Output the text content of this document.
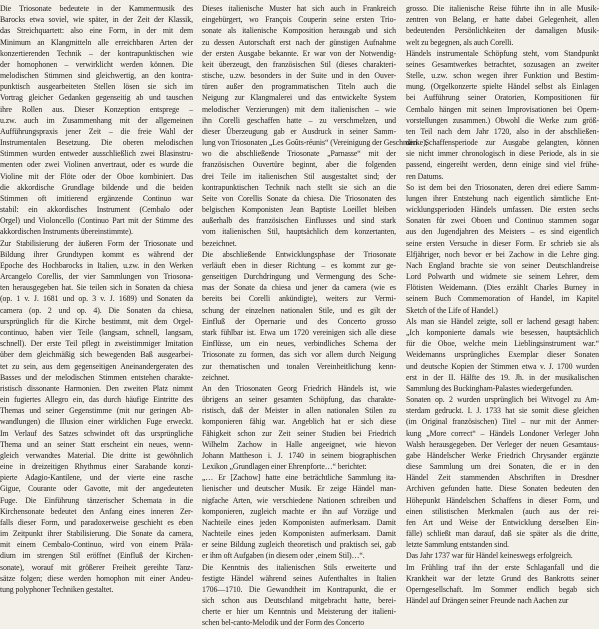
Die Triosonate bedeutete in der Kammermusik des
Barocks etwa soviel, wie später, in der Zeit der Klassik,
das Streichquartett: also eine Form, in der mit dem
Minimum an Klangmitteln alle erreichbaren Arten der
konzertierenden Technik – der kontrapunktischen wie
der homophonen – verwirklicht werden können. Die
melodischen Stimmen sind gleichwertig, an den kontra-
punktisch ausgearbeiteten Stellen lösen sie sich im
Vortrag gleicher Gedanken gegenseitig ab und tauschen
ihre Rollen aus. Dieser Konzeption entsprege –
u.zw. auch im Zusammenhang mit der allgemeinen
Aufführungspraxis jener Zeit – die freie Wahl der
Instrumentalen Besetzung. Die oberen melodischen
Stimmen wurden entweder ausschließlich zwei Blasinstru-
menten oder zwei Violinen anvertraut, oder es wurde die
Violine mit der Flöte oder der Oboe kombiniert. Das
die akkordische Grundlage bildende und die beiden
Stimmen oft imitierend ergänzende Continuo war
stabil: ein akkordisches Instrument (Cembalo oder
Orgel) und Violoncello (Continuo Part mit der Stimme des
akkordischen Instruments übereinstimmte).
Zur Stabilisierung der äußeren Form der Triosonate und
Bildung ihrer Grundtypen kommt es während der
Epoche des Hochbarocks in Italien, u.zw. in den Werken
Arcangelo Corellis, der vier Sammlungen von Triosona-
ten herausgegeben hat. Sie teilen sich in Sonaten da chiesa
(op. 1 v. J. 1681 und op. 3 v. J. 1689) und Sonaten da
camera (op. 2 und op. 4). Die Sonaten da chiesa,
ursprünglich für die Kirche bestimmt, mit dem Orgel-
continuo, haben vier Teile (langsam, schnell, langsam,
schnell). Der erste Teil pflegt in zweistimmiger Imitation
über dem gleichmäßig sich bewegenden Baß ausgearbei-
tet zu sein, aus dem gegenseitigen Aneinandergeraten des
Basses und der melodischen Stimmen entstehen charakte-
ristisch dissonante Harmonien. Den zweiten Platz nimmt
ein fugiertes Allegro ein, das durch häufige Eintritte des
Themas und seiner Gegenstimme (mit nur geringen Ab-
wandlungen) die Illusion einer wirklichen Fuge erweckt.
Im Verlauf des Satzes schwindet oft das ursprüngliche
Thema und an seiner Statt erscheint ein neues, wenn-
gleich verwandtes Material. Die dritte ist gewöhnlich
eine in dreizeitigen Rhythmus einer Sarabande konzi-
pierte Adagio-Kantilene, und der vierte eine rasche
Gigue, Courante oder Gavotte, mit der angedeuteten
Fuge. Die Einführung tänzerischer Schemata in die
Kirchensonate bedeutet den Anfang eines inneren Zer-
falls dieser Form, und paradoxerweise geschieht es eben
im Zeitpunkt ihrer Stabilisierung. Die Sonate da camera,
mit einem Cembalo-Continuo, wird von einem Präla-
dium im strengen Stil eröffnet (Einfluß der Kirchen-
sonate), worauf mit größerer Freiheit gereihte Tanz-
sätze folgen; diese werden homophon mit einer Andeu-
tung polyphoner Techniken gestaltet.
Dieses italienische Muster hat sich auch in Frankreich
eingebürgert, wo François Couperin seine ersten Trio-
sonate als italienische Komposition herausgab und sich
zu dessen Autorschaft erst nach der günstigen Aufnahme
der ersten Ausgabe bekannte. Er war von der Notwendig-
keit überzeugt, den französischen Stil (dieses charakteri-
stische, u.zw. besonders in der Suite und in den Ouver-
türen außer den programmatischen Titeln auch die
Neigung zur Klangmalerei und das entwickelte System
melodischer Verzierungen) mit dem italienischen – wie
ihn Corelli geschaffen hatte – zu verschmelzen, und
dieser Überzeugung gab er Ausdruck in seiner Samm-
lung von Triosonaten „Les Goûts-réunis“ (Vereinigung der Geschmäcke),
wo die abschließende Triosonate „Parnasse“ mit der
französischen Ouvertüre beginnt, aber die folgenden
drei Teile im italienischen Stil ausgestaltet sind; der
kontrapunktischen Technik nach stellt sie sich an die
Seite von Corellis Sonate da chiesa. Die Triosonaten des
belgischen Komponisten Jean Baptiste Loeillet bleiben
außerhalb des französischen Einflusses und sind stark
vom italienischen Stil, hauptsächlich dem konzertanten,
bezeichnet.
Die abschließende Entwicklungsphase der Triosonate
verläuft eben in dieser Richtung – es kommt zur ge-
genseitigen Durchdringung und Vermengung des Sche-
mas der Sonate da chiesa und jener da camera (wie es
bereits bei Corelli ankündigte), weiters zur Vermi-
schung der einzelnen nationalen Stile, und es gilt der
Einfluß der Opernarie und des Concerto grosso
stark fühlbar ist. Etwa um 1720 vereinigen sich alle diese
Einflüsse, um ein neues, verbindliches Schema der
Triosonate zu formen, das sich vor allem durch Neigung
zur thematischen und tonalen Vereinheitlichung kenn-
zeichnet.
An den Triosonaten Georg Friedrich Händels ist, wie
übrigens an seiner gesamten Schöpfung, das charakte-
ristisch, daß der Meister in allen nationalen Stilen zu
komponieren fähig war. Angeblich hat er sich diese
Fähigkeit schon zur Zeit seiner Studien bei Friedrich
Wilhelm Zachow in Halle angeeignet, wie hievon
Johann Mattheson i. J. 1740 in seinem biographischen
Lexikon „Grundlagen einer Ehrenpforte…“ berichtet:
„… Er [Zachow] hatte eine beträchtliche Sammlung ita-
lienischer und deutscher Musik. Er zeige Händel man-
nigfache Arten, wie verschiedene Nationen schreiben und
komponieren, zugleich machte er ihn auf Vorzüge und
Nachteile eines jeden Komponisten aufmerksam. Damit
Nachteile eines jeden Komponisten aufmerksam. Damit
er seine Bildung zugleich theoretisch und praktisch sei, gab
er ihm oft Aufgaben (in diesem oder ‚einem Stil)…“.
Die Kenntnis des italienischen Stils erweiterte und
festigte Händel während seines Aufenthaltes in Italien
1706—1710. Die Gewandtheit im Kontrapunkt, die er
sich schon aus Deutschland mitgebracht hatte, berei-
cherte er hier um Kenntnis und Meisterung der italieni-
schen bel-canto-Melodik und der Form des Concerto
grosso. Die italienische Reise führte ihn in alle Musik-
zentren von Belang, er hatte dabei Gelegenheit, allen
bedeutenden Persönlichkeiten der damaligen Musik-
welt zu begegnen, als auch Corelli.
Händels instrumentale Schöpfung steht, vom Standpunkt
seines Gesamtwerkes betrachtet, sozusagen an zweiter
Stelle, u.zw. schon wegen ihrer Funktion und Bestim-
mung. (Orgelkonzerte spielte Händel selbst als Einlagen
bei Aufführung seiner Oratorien, Kompositionen für
Cembalo hängen mit seinen Improvisationen bei Opern-
vorstellungen zusammen.) Obwohl die Werke zum größ-
ten Teil nach dem Jahr 1720, also in der abschließen-
den Schaffensperiode zur Ausgabe gelangten, können
sie nicht immer chronologisch in diese Periode, als in sie
passend, eingereiht werden, denn einige sind viel frühe-
ren Datums.
So ist dem bei den Triosonaten, deren drei ediere Samm-
lungen ihrer Entstehung nach eigentlich sämtliche Ent-
wicklungsperioden Händels umfassen. Die ersten sechs
Sonaten für zwei Oboen und Continuo stammen sogar
aus den Jugendjahren des Meisters – es sind eigentlich
seine ersten Versuche in dieser Form. Er schrieb sie als
Elfjähriger, noch bevor er bei Zachow in die Lehre ging.
Nach England brachte sie von seiner Deutschlandreise
Lord Polwarth und widmete sie seinem Lehrer, dem
Flötisten Weidemann. (Dies erzählt Charles Burney in
seinem Buch Commemoration of Handel, im Kapitel
Sketch of the Life of Handel.)
Als man sie Händel zeigte, soll er lachend gesagt haben:
„Ich komponierte damals wie besessen, hauptsächlich
für die Oboe, welche mein Lieblingsinstrument war.“
Weidemanns ursprüngliches Exemplar dieser Sonaten
und deutsche Kopien der Stimmen etwa v. J. 1700 wurden
erst in der II. Hälfte des 19. Jh. in der musikalischen
Sammlung des Buckingham-Palastes wiedergefunden.
Sonaten op. 2 wurden ursprünglich bei Witvogel zu Am-
sterdam gedruckt. I. J. 1733 hat sie somit diese gleichen
(im Original französischen) Titel – nur mit der Anmer-
kung „More correct“ – Händels Londoner Verleger John
Walsh herausgegeben. Der Verleger der neuen Gesamtaus-
gabe Händelscher Werke Friedrich Chrysander ergänzte
diese Sammlung um drei Sonaten, die er in den
Händel Zeit stammenden Abschriften in Dresdner
Archiven gefunden hatte. Diese Sonaten bedeuten den
Höhepunkt Händelschen Schaffens in dieser Form, und
einen stilistischen Merkmalen (auch aus der rei-
fen Art und Weise der Entwicklung derselben Ein-
fälle) schließt man darauf, daß sie später als die dritte,
letzte Sammlung entstanden sind.
Das Jahr 1737 war für Händel keineswegs erfolgreich.
Im Frühling traf ihn der erste Schlaganfall und die
Krankheit war der letzte Grund des Bankrotts seiner
Operngesellschaft. Im Sommer endlich begab sich
Händel auf Drängen seiner Freunde nach Aachen zur
